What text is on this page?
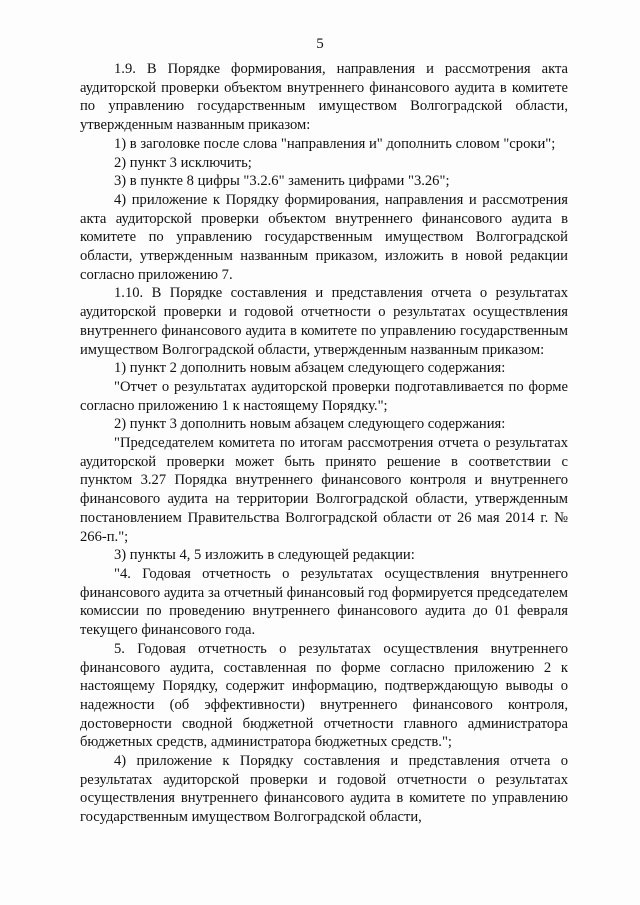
5

1.9. В Порядке формирования, направления и рассмотрения акта аудиторской проверки объектом внутреннего финансового аудита в комитете по управлению государственным имуществом Волгоградской области, утвержденным названным приказом:

1) в заголовке после слова "направления и" дополнить словом "сроки";

2) пункт 3 исключить;

3) в пункте 8 цифры "3.2.6" заменить цифрами "3.26";

4) приложение к Порядку формирования, направления и рассмотрения акта аудиторской проверки объектом внутреннего финансового аудита в комитете по управлению государственным имуществом Волгоградской области, утвержденным названным приказом, изложить в новой редакции согласно приложению 7.

1.10. В Порядке составления и представления отчета о результатах аудиторской проверки и годовой отчетности о результатах осуществления внутреннего финансового аудита в комитете по управлению государственным имуществом Волгоградской области, утвержденным названным приказом:

1) пункт 2 дополнить новым абзацем следующего содержания:

"Отчет о результатах аудиторской проверки подготавливается по форме согласно приложению 1 к настоящему Порядку.";

2) пункт 3 дополнить новым абзацем следующего содержания:

"Председателем комитета по итогам рассмотрения отчета о результатах аудиторской проверки может быть принято решение в соответствии с пунктом 3.27 Порядка внутреннего финансового контроля и внутреннего финансового аудита на территории Волгоградской области, утвержденным постановлением Правительства Волгоградской области от 26 мая 2014 г. № 266-п.";

3) пункты 4, 5 изложить в следующей редакции:

"4. Годовая отчетность о результатах осуществления внутреннего финансового аудита за отчетный финансовый год формируется председателем комиссии по проведению внутреннего финансового аудита до 01 февраля текущего финансового года.

5. Годовая отчетность о результатах осуществления внутреннего финансового аудита, составленная по форме согласно приложению 2 к настоящему Порядку, содержит информацию, подтверждающую выводы о надежности (об эффективности) внутреннего финансового контроля, достоверности сводной бюджетной отчетности главного администратора бюджетных средств, администратора бюджетных средств.";

4) приложение к Порядку составления и представления отчета о результатах аудиторской проверки и годовой отчетности о результатах осуществления внутреннего финансового аудита в комитете по управлению государственным имуществом Волгоградской области,
